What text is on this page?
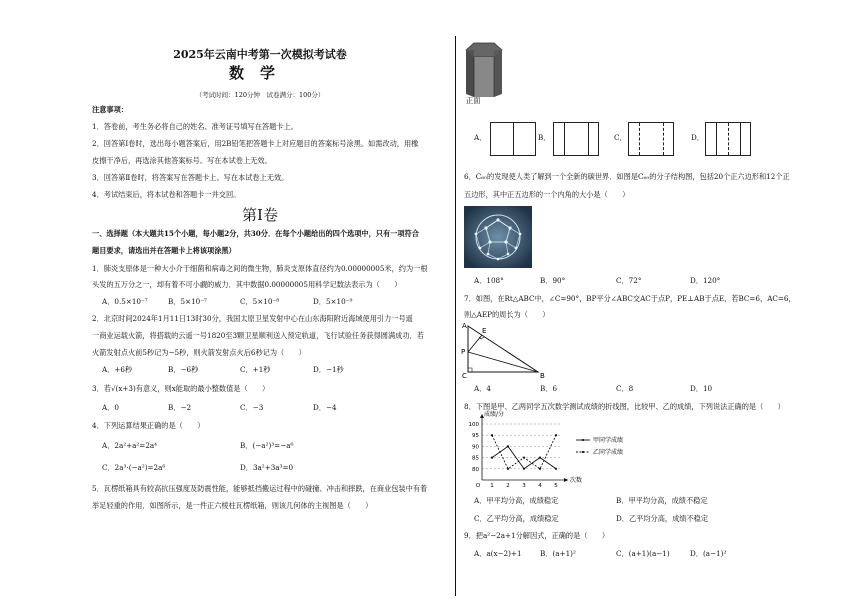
2025年云南中考第一次模拟考试卷
数学
（考试时间：120分钟　试卷满分：100分）
注意事项：
1．答卷前，考生务必将自己的姓名、准考证号填写在答题卡上。
2．回答第Ⅰ卷时，选出每小题答案后，用2B铅笔把答题卡上对应题目的答案标号涂黑。如需改动，用橡
皮擦干净后，再选涂其他答案标号。写在本试卷上无效。
3．回答第Ⅱ卷时，将答案写在答题卡上。写在本试卷上无效。
4．考试结束后，将本试卷和答题卡一并交回。
第Ⅰ卷
一、选择题（本大题共15个小题，每小题2分，共30分．在每个小题给出的四个选项中，只有一项符合
题目要求，请选出并在答题卡上将该项涂黑）
1．肺炎支原体是一种大小介于细菌和病毒之间的微生物，肺炎支原体直径约为0.00000005米，约为一根
头发的五万分之一，却有着不可小觑的威力．其中数据0.00000005用科学记数法表示为（　　）
A．0.5×10⁻⁷	B．5×10⁻⁷	C．5×10⁻⁸	D．5×10⁻⁹
2．北京时间2024年1月11日13时30分，我国太原卫星发射中心在山东海阳附近海域使用引力一号遥
一商业运载火箭，将搭载的云遥一号1820至3颗卫星顺利送入预定轨道，飞行试验任务获得圆满成功．若
火箭发射点火前5秒记为−5秒，则火箭发射点火后6秒记为（　　）
A．+6秒	B．−6秒	C．+1秒	D．−1秒
3．若√(x+3)有意义，则x能取的最小整数值是（　　）
A．0	B．−2	C．−3	D．−4
4．下列运算结果正确的是（　　）
A．2a²+a²=2a⁴	B．(−a²)³=−a⁶
C．2a³·(−a²)=2a⁶	D．3a²+3a³=0
5．瓦楞纸箱具有较高抗压强度及防震性能，能够抵挡搬运过程中的碰撞、冲击和摔跌，在商业包装中有着
举足轻重的作用．如图所示，是一件正六棱柱瓦楞纸箱，则该几何体的主视图是（　　）
正面
A．	B．	C．	D．
6．C₆₀的发现使人类了解到一个全新的碳世界．如图是C₆₀的分子结构图，包括20个正六边形和12个正
五边形，其中正五边形的一个内角的大小是（　　）
A．108°	B．90°	C．72°	D．120°
7．如图，在Rt△ABC中，∠C=90°，BP平分∠ABC交AC于点P，PE⊥AB于点E，若BC=6，AC=6，
则△AEP的周长为（　　）
A
E
P
C	B
A．4	B．6	C．8	D．10
8．下图是甲、乙两同学五次数学测试成绩的折线图，比较甲、乙的成绩，下列说法正确的是（　　）
100
95
90
85
80
1 2 3 4 5
O
成绩/分
次数
甲同学成绩
乙同学成绩
A．甲平均分高，成绩稳定	B．甲平均分高，成绩不稳定
C．乙平均分高，成绩稳定	D．乙平均分高，成绩不稳定
9．把a²−2a+1分解因式，正确的是（　　）
A．a(x−2)+1	B．(a+1)²	C．(a+1)(a−1)	D．(a−1)²
